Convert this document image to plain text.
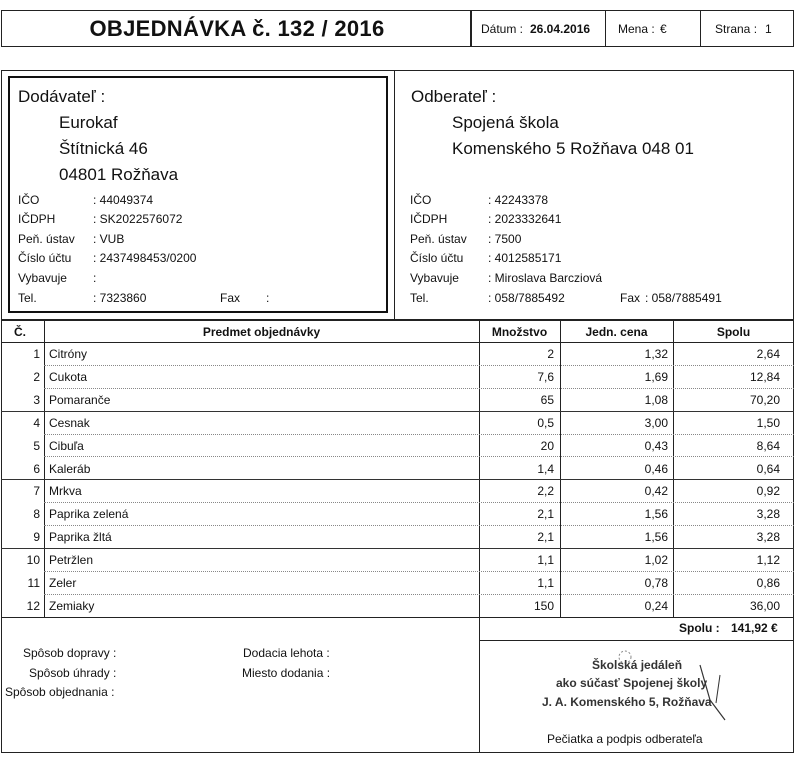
OBJEDNÁVKA č. 132 / 2016	Dátum : 26.04.2016 Mena : €	Strana : 1
Dodávateľ :
Eurokaf
Štítnická 46
04801 Rožňava
IČO	: 44049374
IČDPH	: SK2022576072
Peň. ústav : VUB
Číslo účtu : 2437498453/0200
Vybavuje :
Tel.	: 7323860	Fax :
Odberateľ :
Spojená škola
Komenského 5 Rožňava 048 01
IČO	: 42243378
IČDPH	: 2023332641
Peň. ústav : 7500
Číslo účtu : 4012585171
Vybavuje : Miroslava Barcziová
Tel.	: 058/7885492	Fax : 058/7885491
Č.	Predmet objednávky	Množstvo	Jedn. cena	Spolu
1 Citróny	2	1,32	2,64
2 Cukota	7,6	1,69	12,84
3 Pomaranče	65	1,08	70,20
4 Cesnak	0,5	3,00	1,50
5 Cibuľa	20	0,43	8,64
6 Kaleráb	1,4	0,46	0,64
7 Mrkva	2,2	0,42	0,92
8 Paprika zelená	2,1	1,56	3,28
9 Paprika žltá	2,1	1,56	3,28
10 Petržlen	1,1	1,02	1,12
11 Zeler	1,1	0,78	0,86
12 Zemiaky	150	0,24	36,00
Spolu : 141,92 €
Spôsob dopravy :
Spôsob úhrady :
Spôsob objednania :
Dodacia lehota :
Miesto dodania :
Školská jedáleň
ako súčasť Spojenej školy
J. A. Komenského 5, Rožňava
Pečiatka a podpis odberateľa
